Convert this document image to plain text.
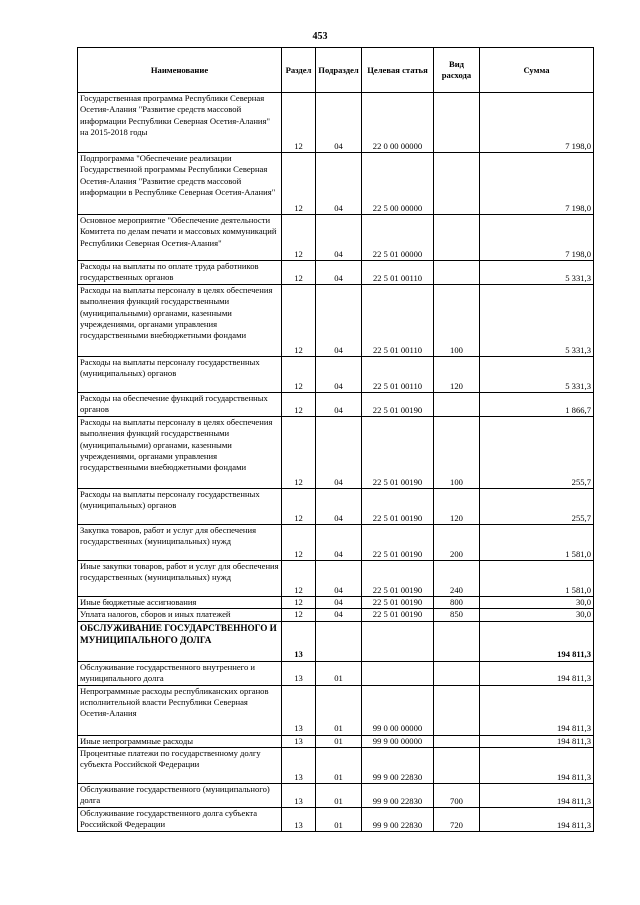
453
Наименование	Раздел	Подраздел	Целевая статья	Вид расхода	Сумма
Государственная программа Республики Северная Осетия-Алания "Развитие средств массовой информации Республики Северная Осетия-Алания" на 2015-2018 годы	12	04	22 0 00 00000		7 198,0
Подпрограмма "Обеспечение реализации Государственной программы Республики Северная Осетия-Алания "Развитие средств массовой информации в Республике Северная Осетия-Алания"	12	04	22 5 00 00000		7 198,0
Основное мероприятие "Обеспечение деятельности Комитета по делам печати и массовых коммуникаций Республики Северная Осетия-Алания"	12	04	22 5 01 00000		7 198,0
Расходы на выплаты по оплате труда работников государственных органов	12	04	22 5 01 00110		5 331,3
Расходы на выплаты персоналу в целях обеспечения выполнения функций государственными (муниципальными) органами, казенными учреждениями, органами управления государственными внебюджетными фондами	12	04	22 5 01 00110	100	5 331,3
Расходы на выплаты персоналу государственных (муниципальных) органов	12	04	22 5 01 00110	120	5 331,3
Расходы на обеспечение функций государственных органов	12	04	22 5 01 00190		1 866,7
Расходы на выплаты персоналу в целях обеспечения выполнения функций государственными (муниципальными) органами, казенными учреждениями, органами управления государственными внебюджетными фондами	12	04	22 5 01 00190	100	255,7
Расходы на выплаты персоналу государственных (муниципальных) органов	12	04	22 5 01 00190	120	255,7
Закупка товаров, работ и услуг для обеспечения государственных (муниципальных) нужд	12	04	22 5 01 00190	200	1 581,0
Иные закупки товаров, работ и услуг для обеспечения государственных (муниципальных) нужд	12	04	22 5 01 00190	240	1 581,0
Иные бюджетные ассигнования	12	04	22 5 01 00190	800	30,0
Уплата налогов, сборов и иных платежей	12	04	22 5 01 00190	850	30,0
ОБСЛУЖИВАНИЕ ГОСУДАРСТВЕННОГО И МУНИЦИПАЛЬНОГО ДОЛГА	13				194 811,3
Обслуживание государственного внутреннего и муниципального долга	13	01			194 811,3
Непрограммные расходы республиканских органов исполнительной власти Республики Северная Осетия-Алания	13	01	99 0 00 00000		194 811,3
Иные непрограммные расходы	13	01	99 9 00 00000		194 811,3
Процентные платежи по государственному долгу субъекта Российской Федерации	13	01	99 9 00 22830		194 811,3
Обслуживание государственного (муниципального) долга	13	01	99 9 00 22830	700	194 811,3
Обслуживание государственного долга субъекта Российской Федерации	13	01	99 9 00 22830	720	194 811,3
